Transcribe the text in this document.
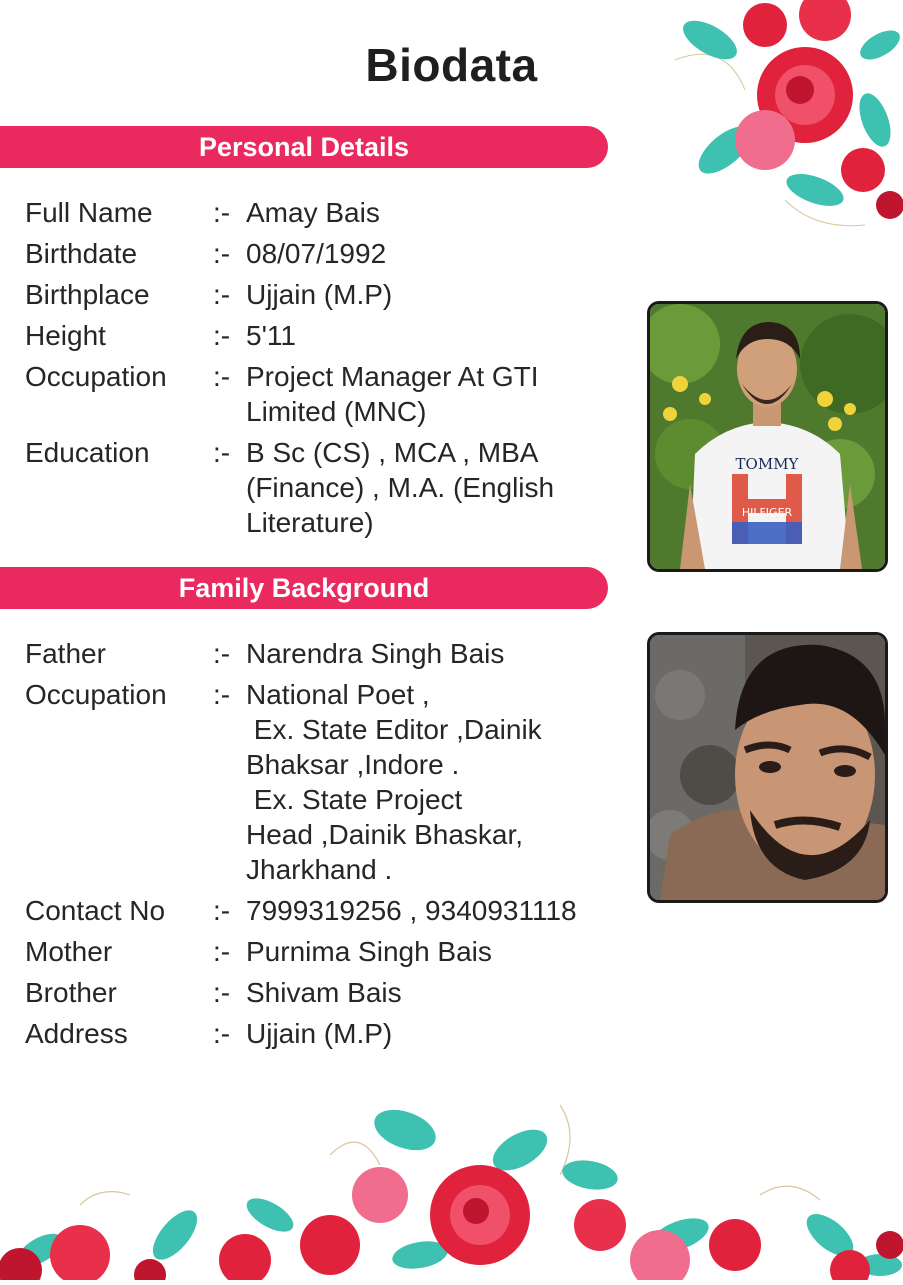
Biodata
Personal Details
Full Name	:- Amay Bais
Birthdate	:- 08/07/1992
Birthplace	:- Ujjain (M.P)
Height	:- 5'11
Occupation	:- Project Manager At GTI
Limited (MNC)
Education	:- B Sc (CS) , MCA , MBA
(Finance) , M.A. (English
Literature)
Family Background
Father	:- Narendra Singh Bais
Occupation	:- National Poet ,
Ex. State Editor ,Dainik
Bhaksar ,Indore .
Ex. State Project
Head ,Dainik Bhaskar,
Jharkhand .
Contact No	:- 7999319256 , 9340931118
Mother	:- Purnima Singh Bais
Brother	:- Shivam Bais
Address	:- Ujjain (M.P)
TOMMY
HILFIGER
